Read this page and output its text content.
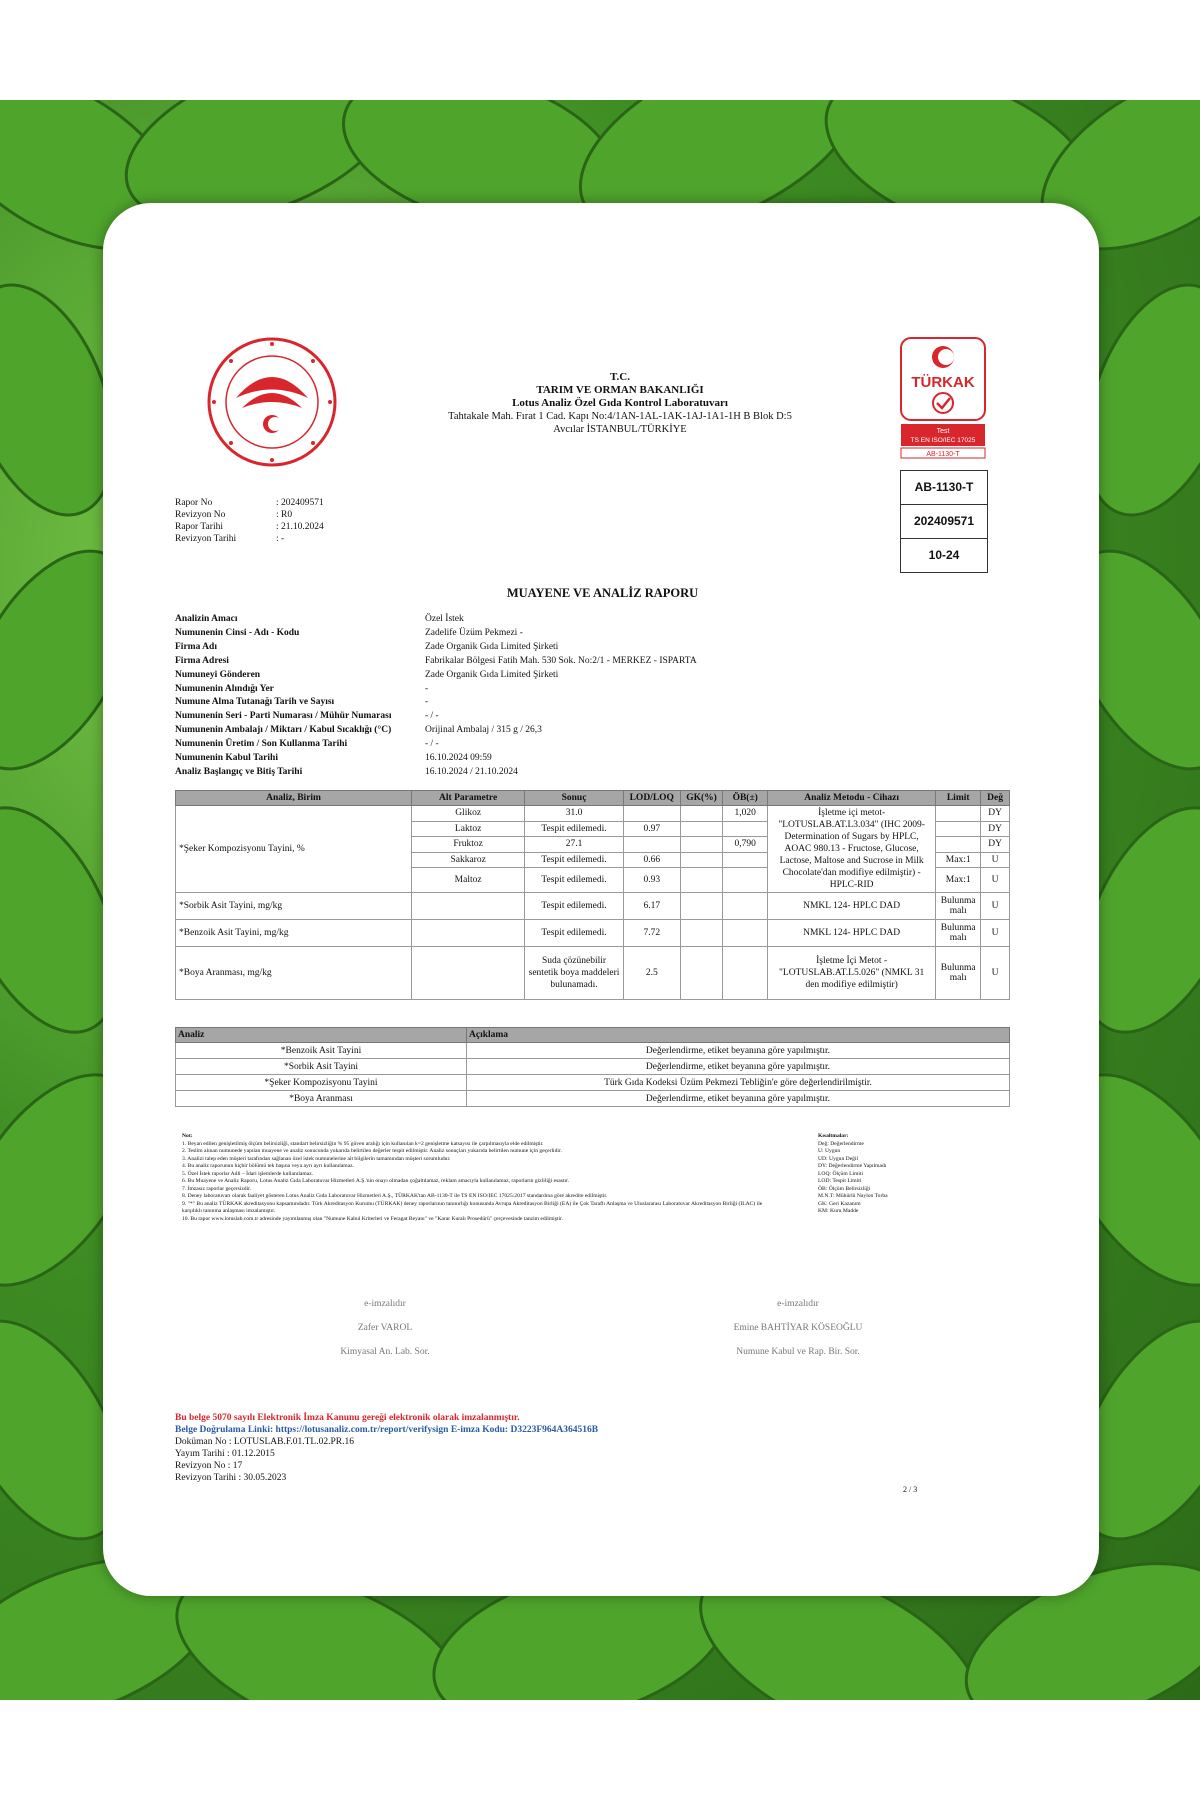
T.C.
TARIM VE ORMAN BAKANLIĞI
Lotus Analiz Özel Gıda Kontrol Laboratuvarı
Tahtakale Mah. Fırat 1 Cad. Kapı No:4/1AN-1AL-1AK-1AJ-1A1-1H B Blok D:5
Avcılar İSTANBUL/TÜRKİYE
TÜRKAK
Test
TS EN ISO/IEC 17025
AB-1130-T
AB-1130-T
202409571
10-24
Rapor No	: 202409571
Revizyon No	: R0
Rapor Tarihi	: 21.10.2024
Revizyon Tarihi	: -
MUAYENE VE ANALİZ RAPORU
Analizin Amacı	Özel İstek
Numunenin Cinsi - Adı - Kodu	Zadelife Üzüm Pekmezi -
Firma Adı	Zade Organik Gıda Limited Şirketi
Firma Adresi	Fabrikalar Bölgesi Fatih Mah. 530 Sok. No:2/1 - MERKEZ - ISPARTA
Numuneyi Gönderen	Zade Organik Gıda Limited Şirketi
Numunenin Alındığı Yer	-
Numune Alma Tutanağı Tarih ve Sayısı	-
Numunenin Seri - Parti Numarası / Mühür Numarası	- / -
Numunenin Ambalajı / Miktarı / Kabul Sıcaklığı (°C)	Orijinal Ambalaj / 315 g / 26,3
Numunenin Üretim / Son Kullanma Tarihi	- / -
Numunenin Kabul Tarihi	16.10.2024 09:59
Analiz Başlangıç ve Bitiş Tarihi	16.10.2024 / 21.10.2024
Analiz, Birim	Alt Parametre	Sonuç	LOD/LOQ	GK(%)	ÖB(±)	Analiz Metodu - Cihazı	Limit	Değ
*Şeker Kompozisyonu Tayini, %	Glikoz	31.0			1,020	İşletme içi metot- "LOTUSLAB.AT.L3.034" (IHC 2009- Determination of Sugars by HPLC, AOAC 980.13 - Fructose, Glucose, Lactose, Maltose and Sucrose in Milk Chocolate'dan modifiye edilmiştir) - HPLC-RID		DY
	Laktoz	Tespit edilemedi.	0.97					DY
	Fruktoz	27.1			0,790			DY
	Sakkaroz	Tespit edilemedi.	0.66				Max:1	U
	Maltoz	Tespit edilemedi.	0.93				Max:1	U
*Sorbik Asit Tayini, mg/kg		Tespit edilemedi.	6.17			NMKL 124- HPLC DAD	Bulunma malı	U
*Benzoik Asit Tayini, mg/kg		Tespit edilemedi.	7.72			NMKL 124- HPLC DAD	Bulunma malı	U
*Boya Aranması, mg/kg		Suda çözünebilir sentetik boya maddeleri bulunamadı.	2.5			İşletme İçi Metot - "LOTUSLAB.AT.L5.026" (NMKL 31 den modifiye edilmiştir)	Bulunma malı	U
Analiz	Açıklama
*Benzoik Asit Tayini	Değerlendirme, etiket beyanına göre yapılmıştır.
*Sorbik Asit Tayini	Değerlendirme, etiket beyanına göre yapılmıştır.
*Şeker Kompozisyonu Tayini	Türk Gıda Kodeksi Üzüm Pekmezi Tebliğin'e göre değerlendirilmiştir.
*Boya Aranması	Değerlendirme, etiket beyanına göre yapılmıştır.
Not:
1. Beyan edilen genişletilmiş ölçüm belirsizliği, standart belirsizliğin % 95 güven aralığı için kullanılan k=2 genişletme katsayısı ile çarpılmasıyla elde edilmiştir.
2. Teslim alınan numunede yapılan muayene ve analiz sonucunda yukarıda belirtilen değerler tespit edilmiştir. Analiz sonuçları yukarıda belirtilen numune için geçerlidir.
3. Analizi talep eden müşteri tarafından sağlanan özel istek numunelerine ait bilgilerin tamamından müşteri sorumludur.
4. Bu analiz raporunun hiçbir bölümü tek başına veya ayrı ayrı kullanılamaz.
5. Özel İstek raporlar Adli – İdari işlemlerde kullanılamaz.
6. Bu Muayene ve Analiz Raporu, Lotus Analiz Gıda Laboratuvar Hizmetleri A.Ş.'nin onayı olmadan çoğaltılamaz, reklam amacıyla kullanılamaz, raporların gizliliği esastır.
7. İmzasız raporlar geçersizdir.
8. Deney laboratuvarı olarak faaliyet gösteren Lotus Analiz Gıda Laboratuvar Hizmetleri A.Ş., TÜRKAK'tan AB-1130-T ile TS EN ISO/IEC 17025:2017 standardına göre akredite edilmiştir.
9. "*" Bu analiz TÜRKAK akreditasyonu kapsamındadır. Türk Akreditasyon Kurumu (TÜRKAK) deney raporlarının tanınırlığı konusunda Avrupa Akreditasyon Birliği (EA) ile Çok Taraflı Anlaşma ve Uluslararası Laboratuvar Akreditasyon Birliği (ILAC) ile karşılıklı tanınma anlaşması imzalamıştır.
10. Bu rapor www.lotuslab.com.tr adresinde yayımlanmış olan "Numune Kabul Kriterleri ve Feragat Beyanı" ve "Karar Kuralı Prosedürü" çerçevesinde tanzim edilmiştir.
Kısaltmalar:
Değ: Değerlendirme
U: Uygun
UD: Uygun Değil
DY: Değerlendirme Yapılmadı
LOQ: Ölçüm Limiti
LOD: Tespit Limiti
ÖB: Ölçüm Belirsizliği
M.N.T: Mühürlü Naylon Torba
GK: Geri Kazanım
KM: Kuru Madde
e-imzalıdır
Zafer VAROL
Kimyasal An. Lab. Sor.
e-imzalıdır
Emine BAHTİYAR KÖSEOĞLU
Numune Kabul ve Rap. Bir. Sor.
Bu belge 5070 sayılı Elektronik İmza Kanunu gereği elektronik olarak imzalanmıştır.
Belge Doğrulama Linki: https://lotusanaliz.com.tr/report/verifysign E-imza Kodu: D3223F964A364516B
Doküman No : LOTUSLAB.F.01.TL.02.PR.16
Yayım Tarihi : 01.12.2015
Revizyon No : 17
Revizyon Tarihi : 30.05.2023
2 / 3
